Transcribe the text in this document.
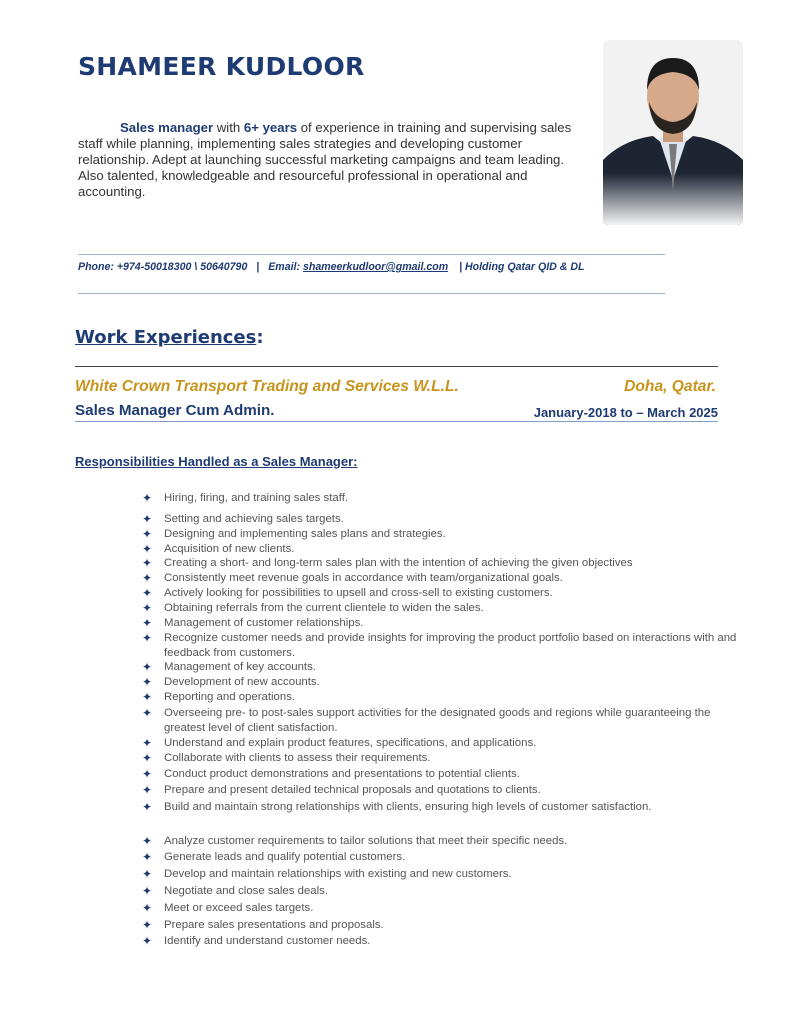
SHAMEER KUDLOOR

Sales manager with 6+ years of experience in training and supervising sales staff while planning, implementing sales strategies and developing customer relationship. Adept at launching successful marketing campaigns and team leading. Also talented, knowledgeable and resourceful professional in operational and accounting.

Phone: +974-50018300 \ 50640790 | Email: shameerkudloor@gmail.com | Holding Qatar QID & DL
Work Experiences:
White Crown Transport Trading and Services W.L.L.	Doha, Qatar.
Sales Manager Cum Admin.	January-2018 to – March 2025
Responsibilities Handled as a Sales Manager:
✦ Hiring, firing, and training sales staff.
✦ Setting and achieving sales targets.
✦ Designing and implementing sales plans and strategies.
✦ Acquisition of new clients.
✦ Creating a short- and long-term sales plan with the intention of achieving the given objectives
✦ Consistently meet revenue goals in accordance with team/organizational goals.
✦ Actively looking for possibilities to upsell and cross-sell to existing customers.
✦ Obtaining referrals from the current clientele to widen the sales.
✦ Management of customer relationships.
✦ Recognize customer needs and provide insights for improving the product portfolio based on interactions with and feedback from customers.
✦ Management of key accounts.
✦ Development of new accounts.
✦ Reporting and operations.
✦ Overseeing pre- to post-sales support activities for the designated goods and regions while guaranteeing the greatest level of client satisfaction.
✦ Understand and explain product features, specifications, and applications.
✦ Collaborate with clients to assess their requirements.
✦ Conduct product demonstrations and presentations to potential clients.
✦ Prepare and present detailed technical proposals and quotations to clients.
✦ Build and maintain strong relationships with clients, ensuring high levels of customer satisfaction.
✦ Analyze customer requirements to tailor solutions that meet their specific needs.
✦ Generate leads and qualify potential customers.
✦ Develop and maintain relationships with existing and new customers.
✦ Negotiate and close sales deals.
✦ Meet or exceed sales targets.
✦ Prepare sales presentations and proposals.
✦ Identify and understand customer needs.
